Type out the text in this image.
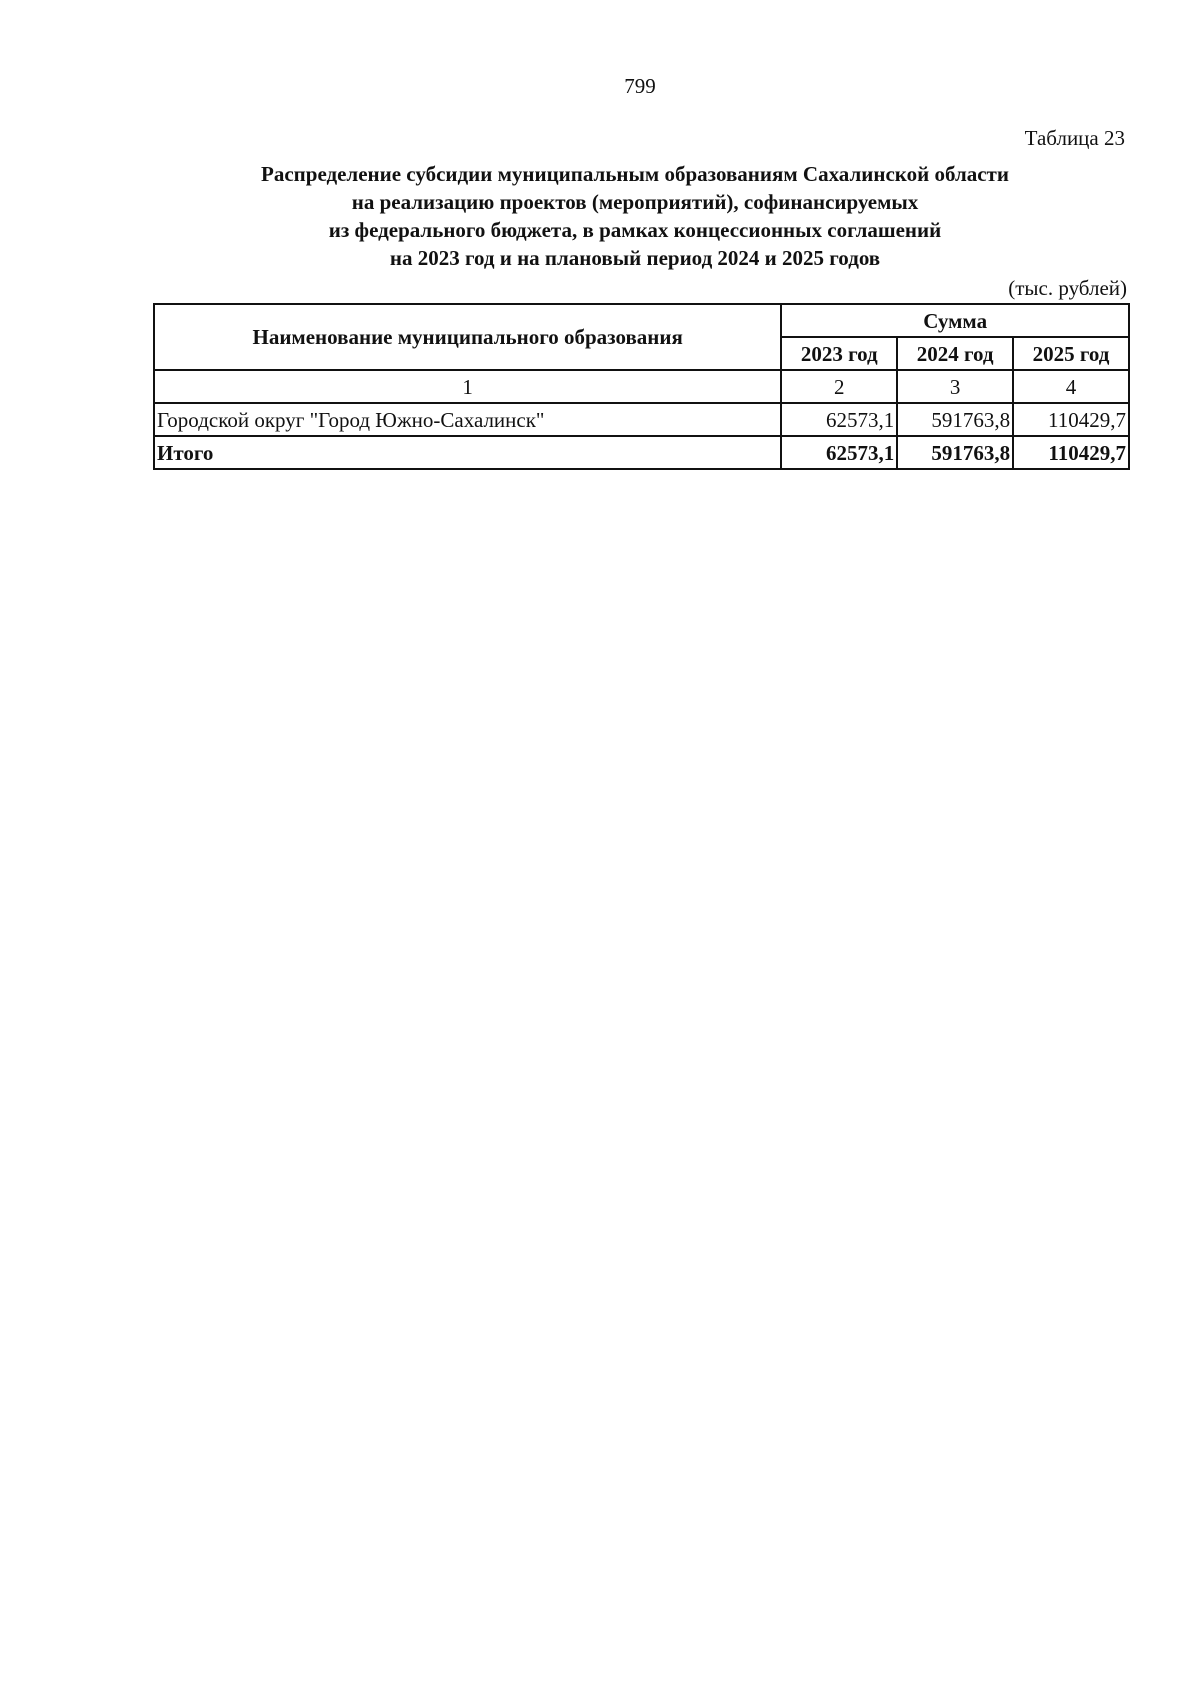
799
Таблица 23
Распределение субсидии муниципальным образованиям Сахалинской области
на реализацию проектов (мероприятий), софинансируемых
из федерального бюджета, в рамках концессионных соглашений
на 2023 год и на плановый период 2024 и 2025 годов
(тыс. рублей)
Наименование муниципального образования	Сумма		
	2023 год	2024 год	2025 год
1	2	3	4
Городской округ "Город Южно-Сахалинск"	62573,1	591763,8	110429,7
Итого	62573,1	591763,8	110429,7
